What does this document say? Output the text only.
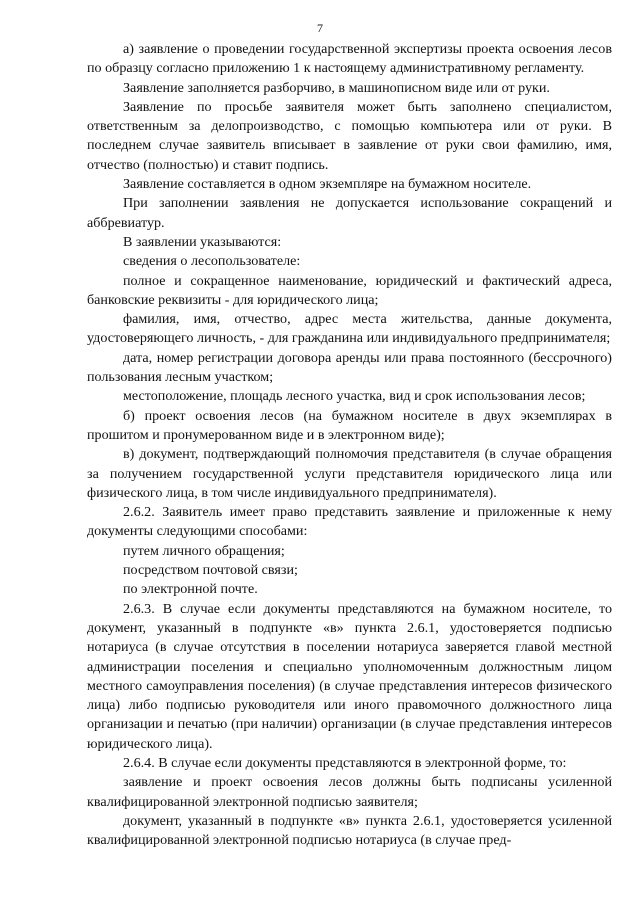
7

а) заявление о проведении государственной экспертизы проекта освоения лесов по образцу согласно приложению 1 к настоящему административному регламенту.

Заявление заполняется разборчиво, в машинописном виде или от руки.

Заявление по просьбе заявителя может быть заполнено специалистом, ответственным за делопроизводство, с помощью компьютера или от руки. В последнем случае заявитель вписывает в заявление от руки свои фамилию, имя, отчество (полностью) и ставит подпись.

Заявление составляется в одном экземпляре на бумажном носителе.

При заполнении заявления не допускается использование сокращений и аббревиатур.

В заявлении указываются:

сведения о лесопользователе:

полное и сокращенное наименование, юридический и фактический адреса, банковские реквизиты - для юридического лица;

фамилия, имя, отчество, адрес места жительства, данные документа, удостоверяющего личность, - для гражданина или индивидуального предпринимателя;

дата, номер регистрации договора аренды или права постоянного (бессрочного) пользования лесным участком;

местоположение, площадь лесного участка, вид и срок использования лесов;

б) проект освоения лесов (на бумажном носителе в двух экземплярах в прошитом и пронумерованном виде и в электронном виде);

в) документ, подтверждающий полномочия представителя (в случае обращения за получением государственной услуги представителя юридического лица или физического лица, в том числе индивидуального предпринимателя).

2.6.2. Заявитель имеет право представить заявление и приложенные к нему документы следующими способами:

путем личного обращения;

посредством почтовой связи;

по электронной почте.

2.6.3. В случае если документы представляются на бумажном носителе, то документ, указанный в подпункте «в» пункта 2.6.1, удостоверяется подписью нотариуса (в случае отсутствия в поселении нотариуса заверяется главой местной администрации поселения и специально уполномоченным должностным лицом местного самоуправления поселения) (в случае представления интересов физического лица) либо подписью руководителя или иного правомочного должностного лица организации и печатью (при наличии) организации (в случае представления интересов юридического лица).

2.6.4. В случае если документы представляются в электронной форме, то:

заявление и проект освоения лесов должны быть подписаны усиленной квалифицированной электронной подписью заявителя;

документ, указанный в подпункте «в» пункта 2.6.1, удостоверяется усиленной квалифицированной электронной подписью нотариуса (в случае пред-
